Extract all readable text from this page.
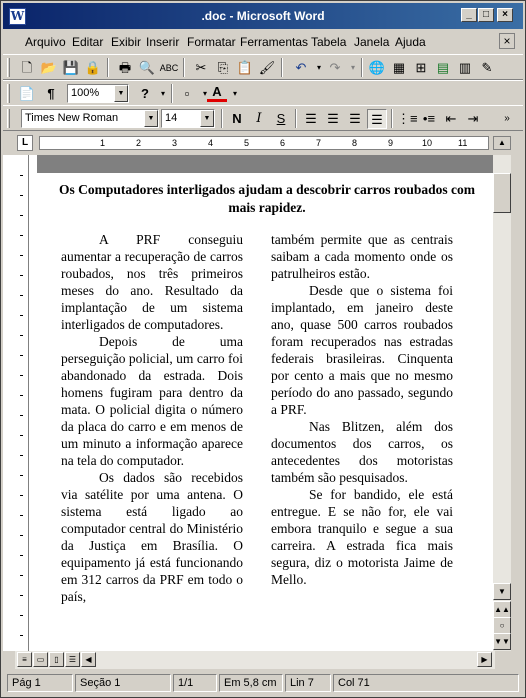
W	.doc - Microsoft Word	_	□	×
Arquivo Editar Exibir Inserir Formatar Ferramentas Tabela Janela Ajuda	×
🗋 📂 💾 🔒 🖶 🔍 ABC	✂ ⎘ 📋 🖌	↶	▾ ↷	▾	🌐 ▦ ⊞ ▤ ▥ ✎
📄 ¶	100%	▼	?	▾	▫	▾ A	▾
Times New Roman	▼ 14	▼	N	I	S	☰ ☰ ☰ ☰	⋮≡ •≡ ⇤ ⇥	»
L	1	2	3	4	5	6	7	8	9	10	11	▲
Os Computadores interligados ajudam a descobrir carros roubados com mais rapidez.

A PRF conseguiu aumentar a recuperação de carros roubados, nos três primeiros meses do ano. Resultado da implantação de um sistema interligados de computadores.

Depois de uma perseguição policial, um carro foi abandonado da estrada. Dois homens fugiram para dentro da mata. O policial digita o número da placa do carro e em menos de um minuto a informação aparece na tela do computador.

Os dados são recebidos via satélite por uma antena. O sistema está ligado ao computador central do Ministério da Justiça em Brasília. O equipamento já está funcionando em 312 carros da PRF em todo o país,

também permite que as centrais saibam a cada momento onde os patrulheiros estão.

Desde que o sistema foi implantado, em janeiro deste ano, quase 500 carros roubados foram recuperados nas estradas federais brasileiras. Cinquenta por cento a mais que no mesmo período do ano passado, segundo a PRF.

Nas Blitzen, além dos documentos dos carros, os antecedentes dos motoristas também são pesquisados.

Se for bandido, ele está entregue. E se não for, ele vai embora tranquilo e segue a sua carreira. A estrada fica mais segura, diz o motorista Jaime de Mello.

▼
▲▲
○
▼▼
≡	▭	▯	☰	◀	▶
Pág 1	Seção 1	1/1	Em 5,8 cm	Lin 7	Col 71
